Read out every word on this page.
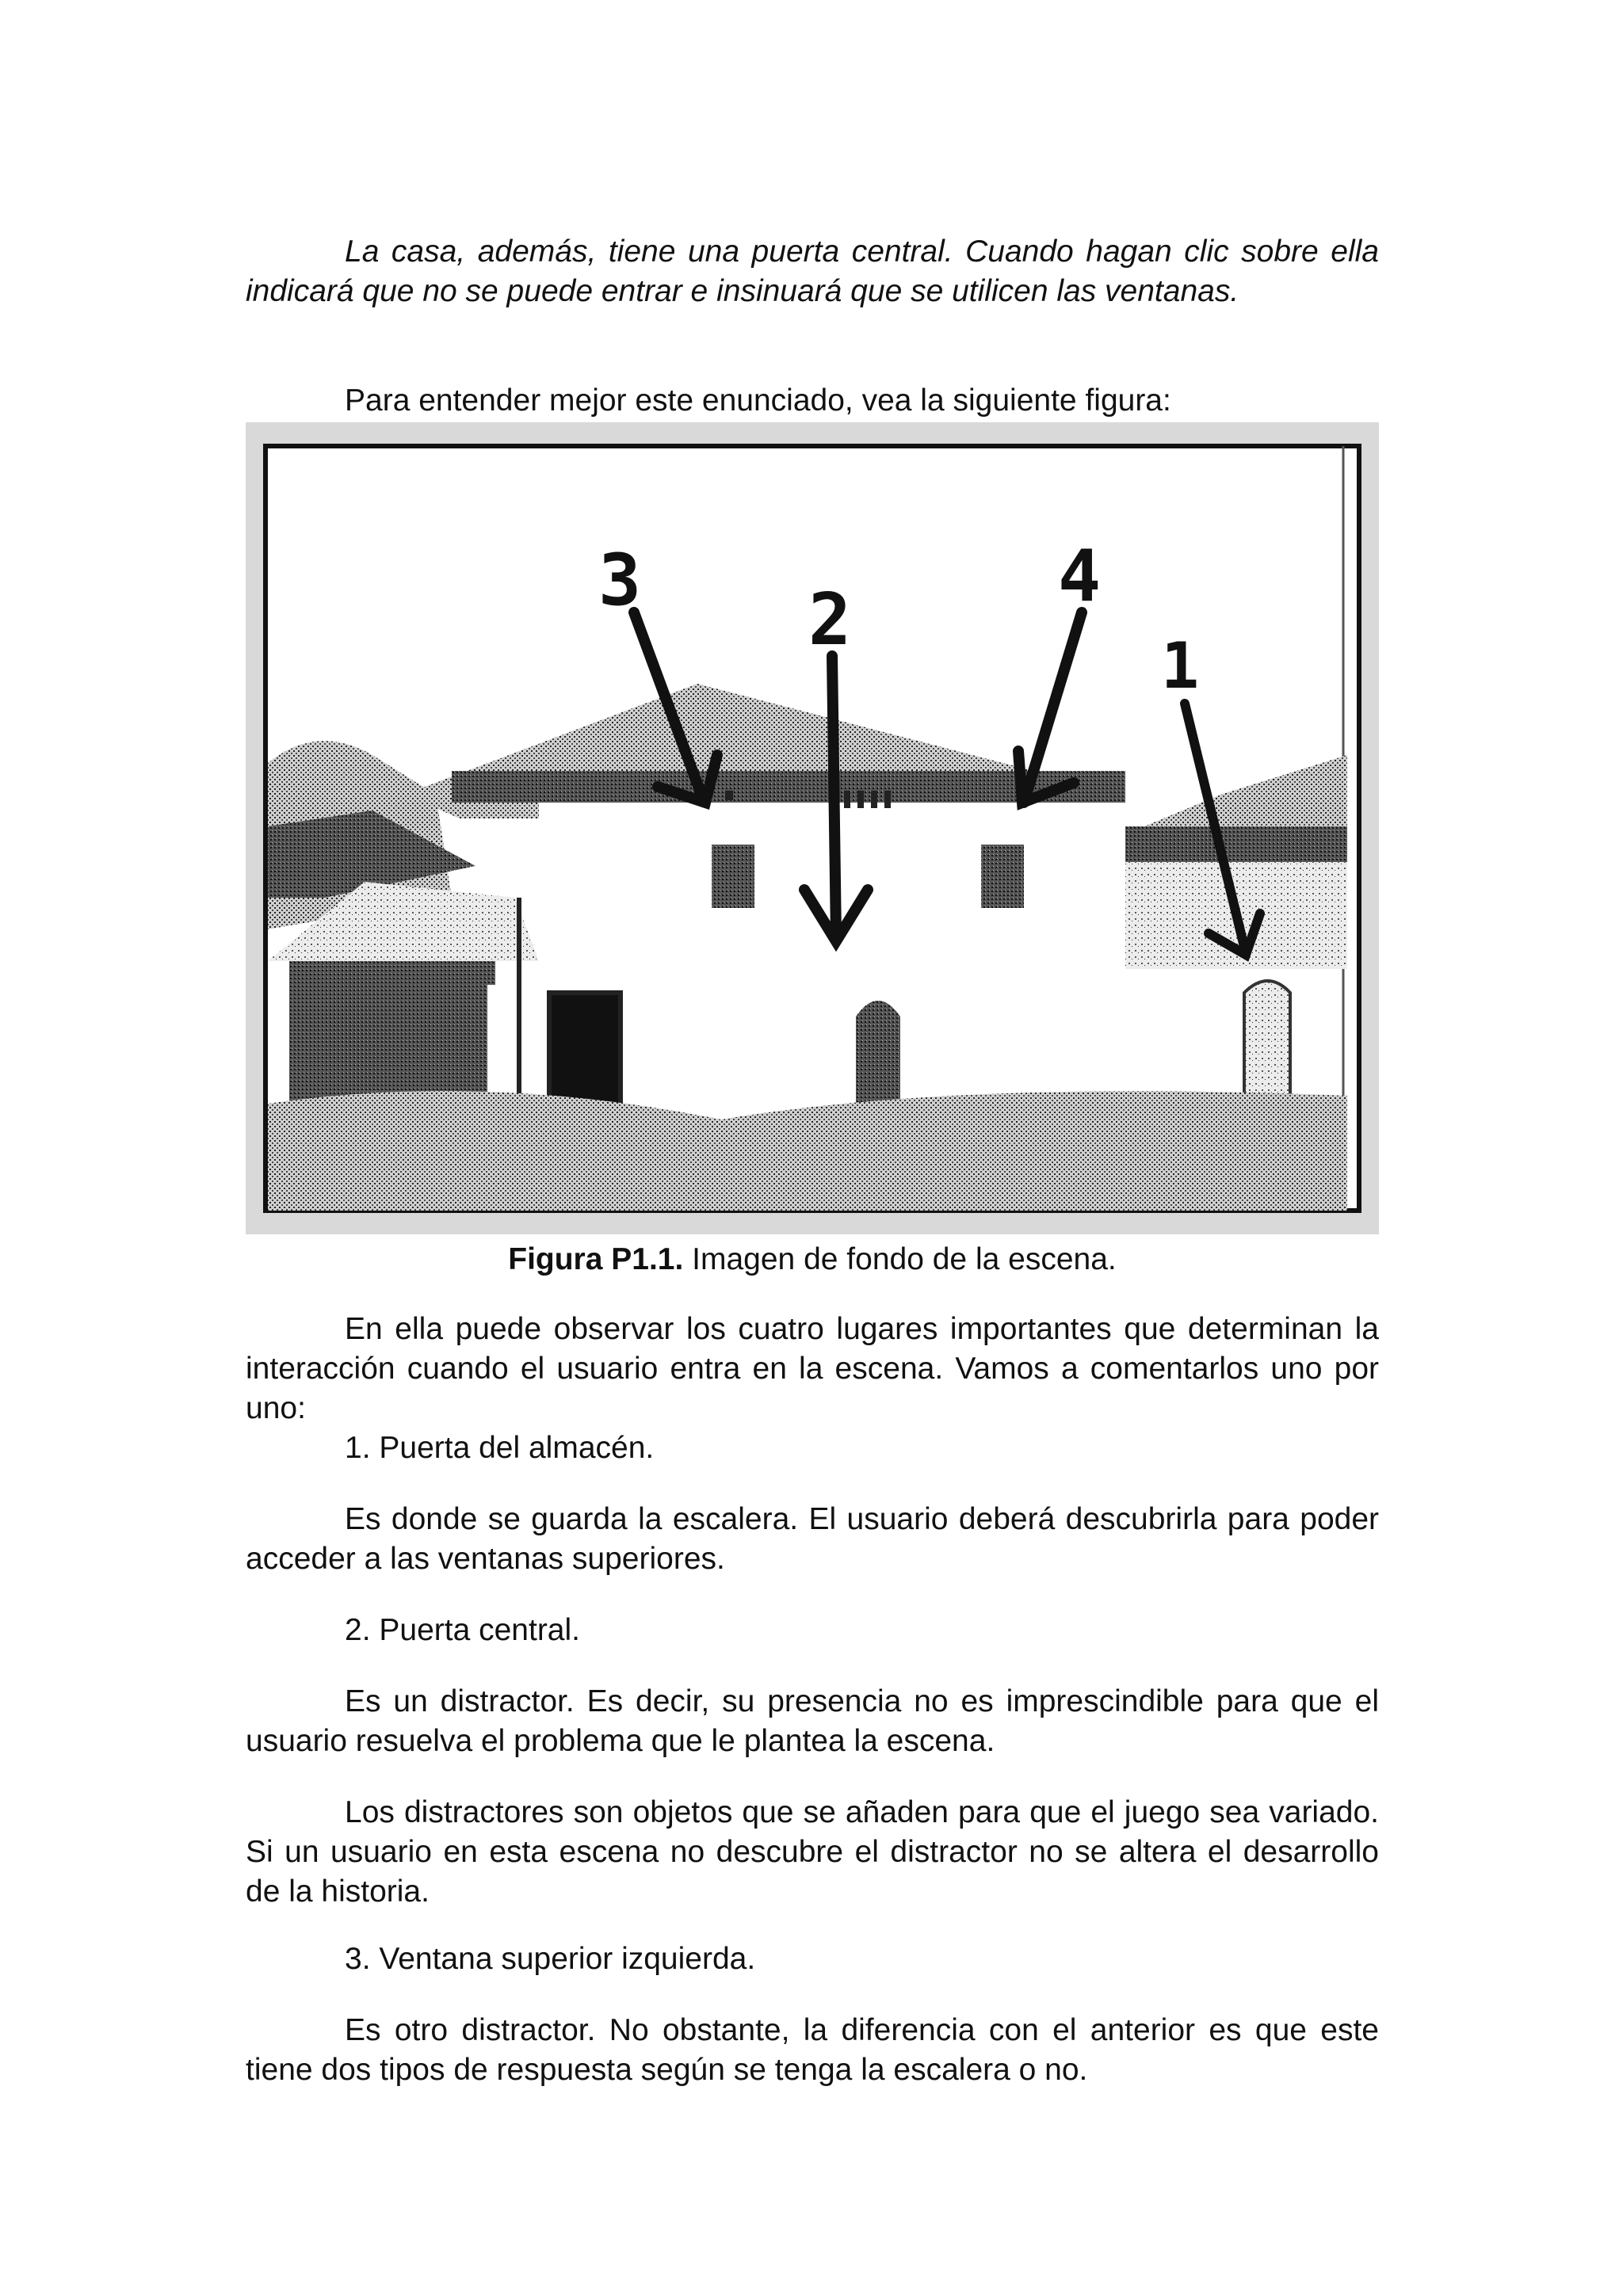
La casa, además, tiene una puerta central. Cuando hagan clic sobre ella indicará que no se puede entrar e insinuará que se utilicen las ventanas.

Para entender mejor este enunciado, vea la siguiente figura:

3 2
4
1

Figura P1.1. Imagen de fondo de la escena.

En ella puede observar los cuatro lugares importantes que determinan la interacción cuando el usuario entra en la escena. Vamos a comentarlos uno por uno:

1. Puerta del almacén.

Es donde se guarda la escalera. El usuario deberá descubrirla para poder acceder a las ventanas superiores.

2. Puerta central.

Es un distractor. Es decir, su presencia no es imprescindible para que el usuario resuelva el problema que le plantea la escena.

Los distractores son objetos que se añaden para que el juego sea variado. Si un usuario en esta escena no descubre el distractor no se altera el desarrollo de la historia.

3. Ventana superior izquierda.

Es otro distractor. No obstante, la diferencia con el anterior es que este tiene dos tipos de respuesta según se tenga la escalera o no.
